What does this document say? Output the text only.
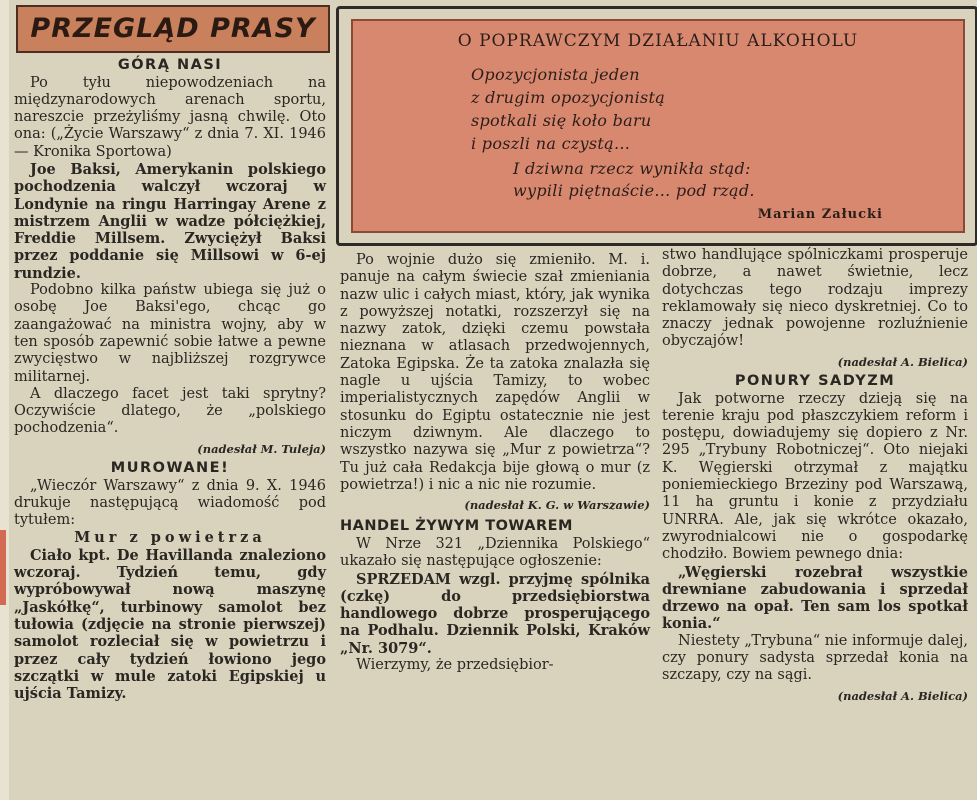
PRZEGLĄD PRASY	O POPRAWCZYM DZIAŁANIU ALKOHOLU
Opozycjonista jeden
z drugim opozycjonistą
spotkali się koło baru
i poszli na czystą...
I dziwna rzecz wynikła stąd:
wypili piętnaście... pod rząd.
Marian Załucki
GÓRĄ NASI

Po tyłu niepowodzeniach na międzynarodowych arenach sportu, nareszcie przeżyliśmy jasną chwilę. Oto ona: („Życie Warszawy“ z dnia 7. XI. 1946 — Kronika Sportowa)

Joe Baksi, Amerykanin polskiego pochodzenia walczył wczoraj w Londynie na ringu Harringay Arene z mistrzem Anglii w wadze półciężkiej, Freddie Millsem. Zwyciężył Baksi przez poddanie się Millsowi w 6-ej rundzie.

Podobno kilka państw ubiega się już o osobę Joe Baksi'ego, chcąc go zaangażować na ministra wojny, aby w ten sposób zapewnić sobie łatwe a pewne zwycięstwo w najbliższej rozgrywce militarnej.

A dlaczego facet jest taki sprytny? Oczywiście dlatego, że „polskiego pochodzenia“.

(nadesłał M. Tuleja)

MUROWANE!

„Wieczór Warszawy“ z dnia 9. X. 1946 drukuje następującą wiadomość pod tytułem:

Mur z powietrza

Ciało kpt. De Havillanda znaleziono wczoraj. Tydzień temu, gdy wypróbowywał nową maszynę „Jaskółkę“, turbinowy samolot bez tułowia (zdjęcie na stronie pierwszej) samolot rozleciał się w powietrzu i przez cały tydzień łowiono jego szczątki w mule zatoki Egipskiej u ujścia Tamizy.

Po wojnie dużo się zmieniło. M. i. panuje na całym świecie szał zmieniania nazw ulic i całych miast, który, jak wynika z powyższej notatki, rozszerzył się na nazwy zatok, dzięki czemu powstała nieznana w atlasach przedwojennych, Zatoka Egipska. Że ta zatoka znalazła się nagle u ujścia Tamizy, to wobec imperialistycznych zapędów Anglii w stosunku do Egiptu ostatecznie nie jest niczym dziwnym. Ale dlaczego to wszystko nazywa się „Mur z powietrza“? Tu już cała Redakcja bije głową o mur (z powietrza!) i nic a nic nie rozumie.

(nadesłał K. G. w Warszawie)

HANDEL ŻYWYM TOWAREM

W Nrze 321 „Dziennika Polskiego“ ukazało się następujące ogłoszenie:

SPRZEDAM wzgl. przyjmę spólnika (czkę) do przedsiębiorstwa handlowego dobrze prosperującego na Podhalu. Dziennik Polski, Kraków „Nr. 3079“.

Wierzymy, że przedsiębior-

stwo handlujące spólniczkami prosperuje dobrze, a nawet świetnie, lecz dotychczas tego rodzaju imprezy reklamowały się nieco dyskretniej. Co to znaczy jednak powojenne rozluźnienie obyczajów!

(nadesłał A. Bielica)

PONURY SADYZM

Jak potworne rzeczy dzieją się na terenie kraju pod płaszczykiem reform i postępu, dowiadujemy się dopiero z Nr. 295 „Trybuny Robotniczej“. Oto niejaki K. Węgierski otrzymał z majątku poniemieckiego Brzeziny pod Warszawą, 11 ha gruntu i konie z przydziału UNRRA. Ale, jak się wkrótce okazało, zwyrodnialcowi nie o gospodarkę chodziło. Bowiem pewnego dnia:

„Węgierski rozebrał wszystkie drewniane zabudowania i sprzedał drzewo na opał. Ten sam los spotkał konia.“

Niestety „Trybuna“ nie informuje dalej, czy ponury sadysta sprzedał konia na szczapy, czy na sągi.

(nadesłał A. Bielica)
